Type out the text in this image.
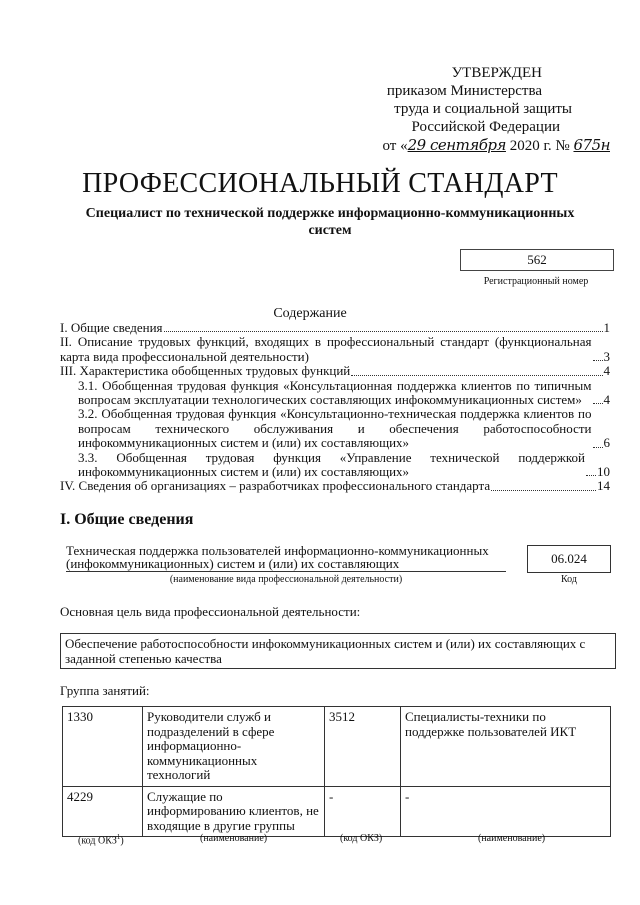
УТВЕРЖДЕН
приказом Министерства
труда и социальной защиты
Российской Федерации
от «29 сентября 2020 г. № 675н
ПРОФЕССИОНАЛЬНЫЙ СТАНДАРТ
Специалист по технической поддержке информационно-коммуникационных
систем
562
Регистрационный номер
Содержание
I. Общие сведения	1
II. Описание трудовых функций, входящих в профессиональный стандарт (функциональная карта вида профессиональной деятельности)	3
III. Характеристика обобщенных трудовых функций	4
3.1. Обобщенная трудовая функция «Консультационная поддержка клиентов по типичным вопросам эксплуатации технологических составляющих инфокоммуникационных систем»	4
3.2. Обобщенная трудовая функция «Консультационно-техническая поддержка клиентов по вопросам технического обслуживания и обеспечения работоспособности инфокоммуникационных систем и (или) их составляющих»	6
3.3. Обобщенная трудовая функция «Управление технической поддержкой инфокоммуникационных систем и (или) их составляющих»	10
IV. Сведения об организациях – разработчиках профессионального стандарта	14
I. Общие сведения
Техническая поддержка пользователей информационно-коммуникационных (инфокоммуникационных) систем и (или) их составляющих
(наименование вида профессиональной деятельности)
06.024
Код
Основная цель вида профессиональной деятельности:
Обеспечение работоспособности инфокоммуникационных систем и (или) их составляющих с заданной степенью качества
Группа занятий:
1330	Руководители служб и подразделений в сфере информационно-коммуникационных технологий	3512	Специалисты-техники по поддержке пользователей ИКТ
4229	Служащие по информированию клиентов, не входящие в другие группы	-	-
(код ОКЗ$^1$)	(наименование)	(код ОКЗ)	(наименование)
